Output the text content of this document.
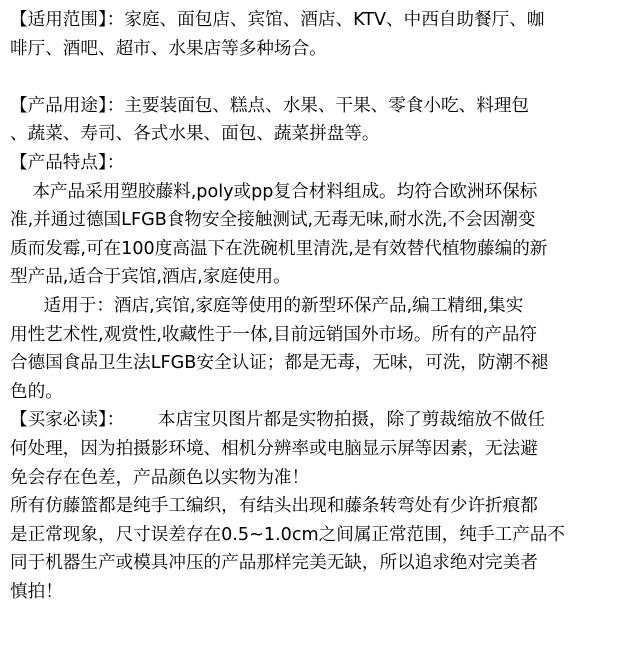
【适用范围】：家庭、面包店、宾馆、酒店、KTV、中西自助餐厅、咖
啡厅、酒吧、超市、水果店等多种场合。
【产品用途】：主要装面包、糕点、水果、干果、零食小吃、料理包
、蔬菜、寿司、各式水果、面包、蔬菜拼盘等。
【产品特点】：
本产品采用塑胶藤料,poly或pp复合材料组成。均符合欧洲环保标
准,并通过德国LFGB食物安全接触测试,无毒无味,耐水洗,不会因潮变
质而发霉,可在100度高温下在洗碗机里清洗,是有效替代植物藤编的新
型产品,适合于宾馆,酒店,家庭使用。
适用于：酒店,宾馆,家庭等使用的新型环保产品,编工精细,集实
用性艺术性,观赏性,收藏性于一体,目前远销国外市场。所有的产品符
合德国食品卫生法LFGB安全认证；都是无毒，无味，可洗，防潮不褪
色的。
【买家必读】：      本店宝贝图片都是实物拍摄，除了剪裁缩放不做任
何处理，因为拍摄影环境、相机分辨率或电脑显示屏等因素，无法避
免会存在色差，产品颜色以实物为准！
所有仿藤篮都是纯手工编织，有结头出现和藤条转弯处有少许折痕都
是正常现象，尺寸误差存在0.5~1.0cm之间属正常范围，纯手工产品不
同于机器生产或模具冲压的产品那样完美无缺，所以追求绝对完美者
慎拍！
